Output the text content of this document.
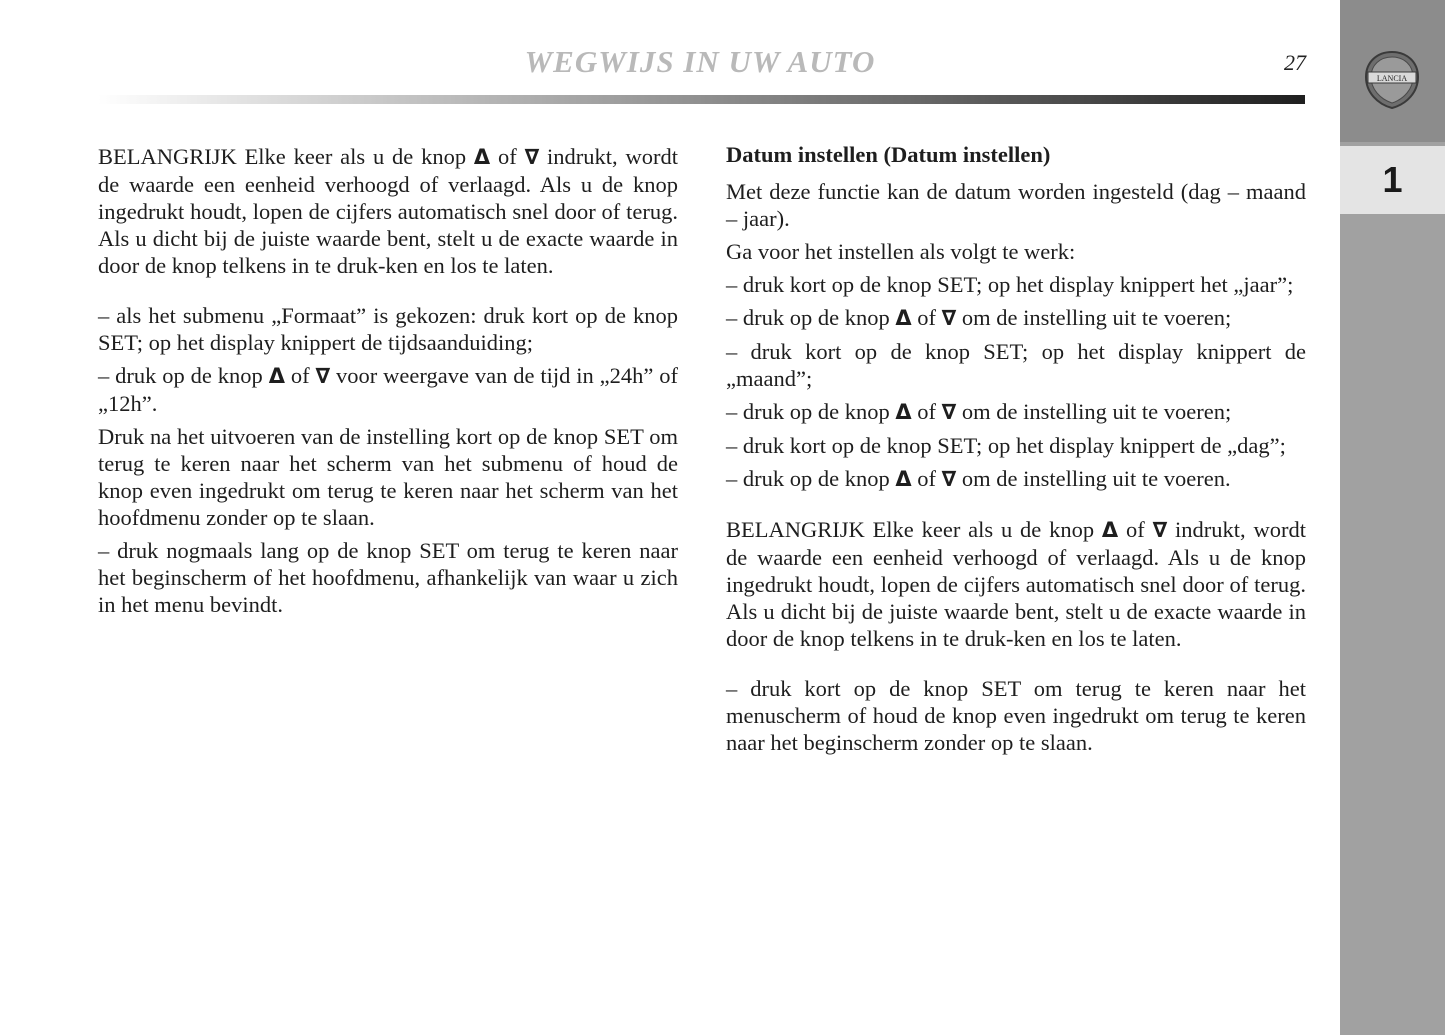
WEGWIJS IN UW AUTO	27
LANCIA
1

BELANGRIJK Elke keer als u de knop Δ of ∇ indrukt, wordt de waarde een eenheid verhoogd of verlaagd. Als u de knop ingedrukt houdt, lopen de cijfers automatisch snel door of terug. Als u dicht bij de juiste waarde bent, stelt u de exacte waarde in door de knop telkens in te druk-ken en los te laten.

– als het submenu „Formaat” is gekozen: druk kort op de knop SET; op het display knippert de tijdsaanduiding;

– druk op de knop Δ of ∇ voor weergave van de tijd in „24h” of „12h”.

Druk na het uitvoeren van de instelling kort op de knop SET om terug te keren naar het scherm van het submenu of houd de knop even ingedrukt om terug te keren naar het scherm van het hoofdmenu zonder op te slaan.

– druk nogmaals lang op de knop SET om terug te keren naar het beginscherm of het hoofdmenu, afhankelijk van waar u zich in het menu bevindt.

Datum instellen (Datum instellen)

Met deze functie kan de datum worden ingesteld (dag – maand – jaar).

Ga voor het instellen als volgt te werk:

– druk kort op de knop SET; op het display knippert het „jaar”;

– druk op de knop Δ of ∇ om de instelling uit te voeren;

– druk kort op de knop SET; op het display knippert de „maand”;

– druk op de knop Δ of ∇ om de instelling uit te voeren;

– druk kort op de knop SET; op het display knippert de „dag”;

– druk op de knop Δ of ∇ om de instelling uit te voeren.

BELANGRIJK Elke keer als u de knop Δ of ∇ indrukt, wordt de waarde een eenheid verhoogd of verlaagd. Als u de knop ingedrukt houdt, lopen de cijfers automatisch snel door of terug. Als u dicht bij de juiste waarde bent, stelt u de exacte waarde in door de knop telkens in te druk-ken en los te laten.

– druk kort op de knop SET om terug te keren naar het menuscherm of houd de knop even ingedrukt om terug te keren naar het beginscherm zonder op te slaan.
